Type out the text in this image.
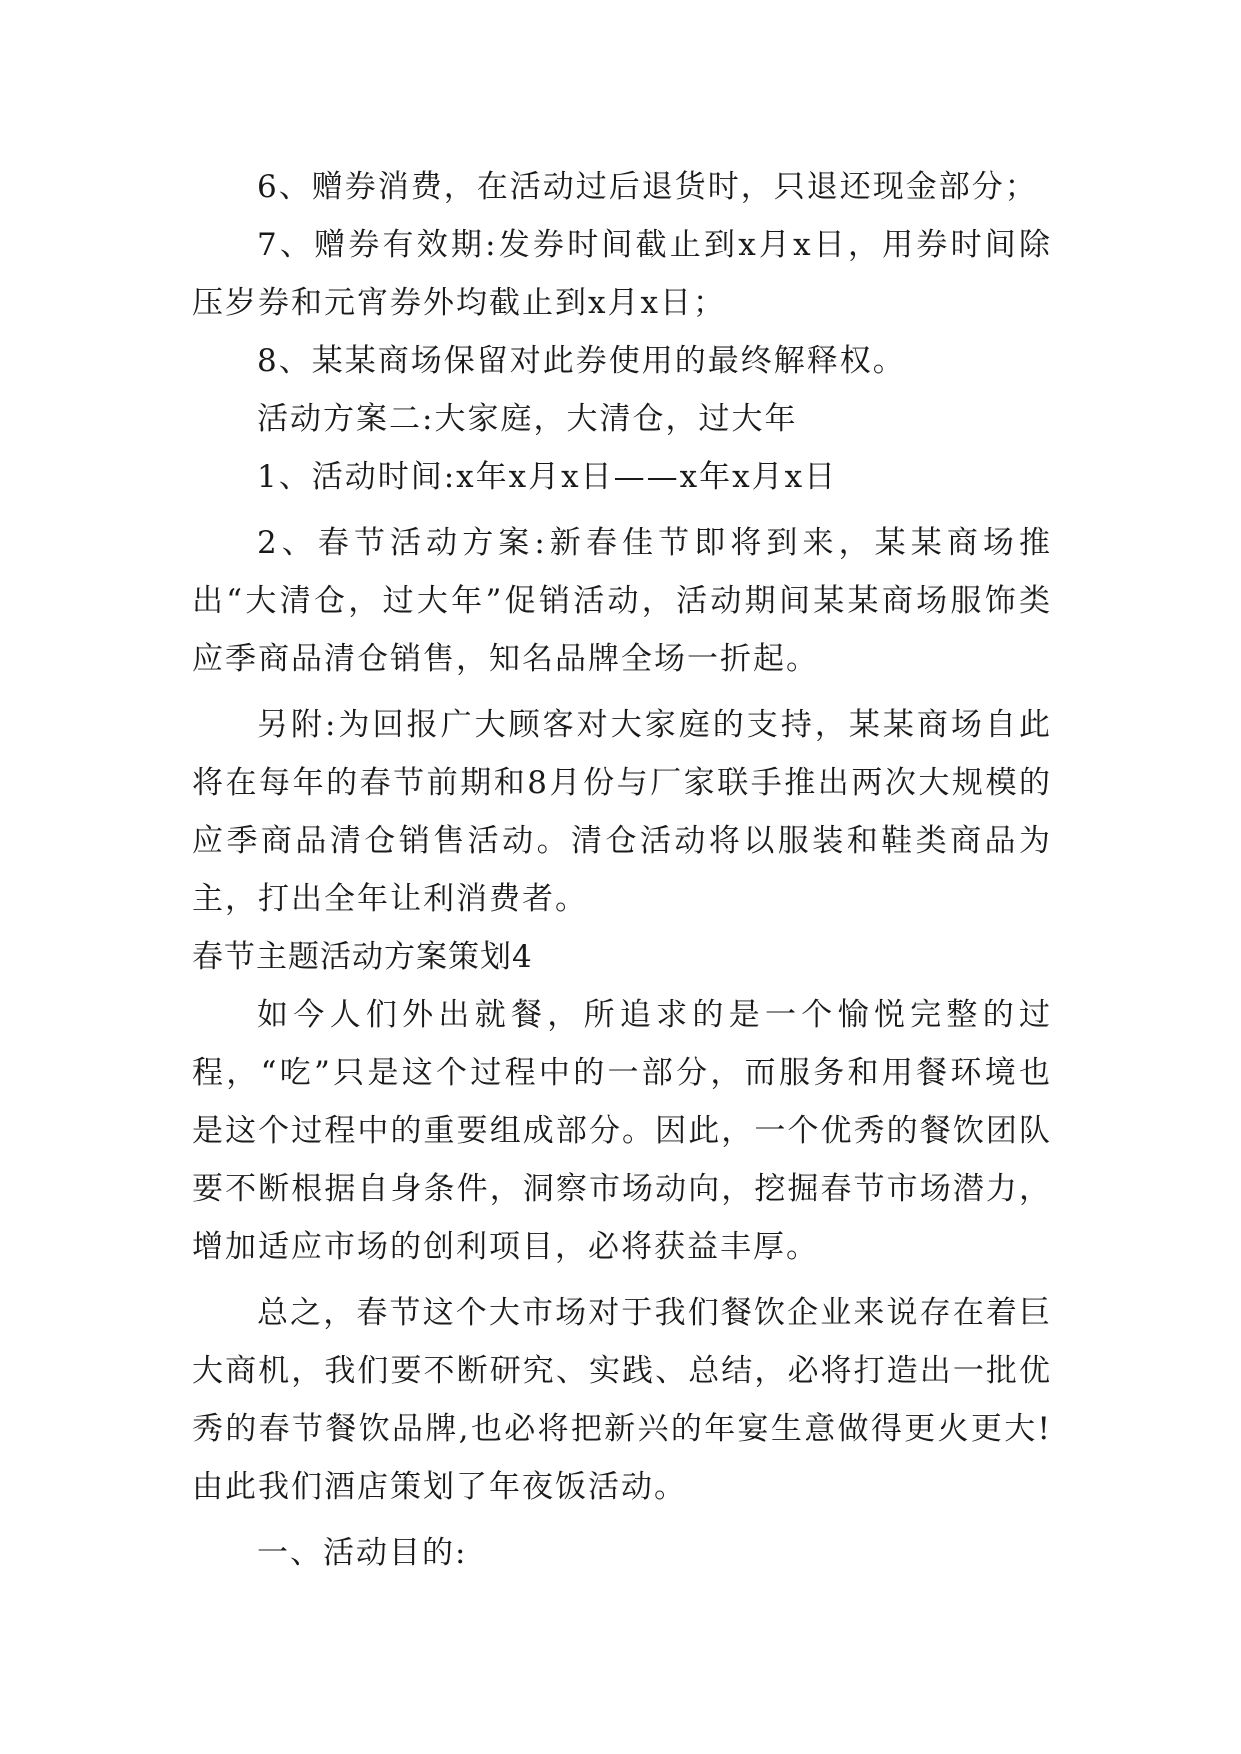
6、赠券消费，在活动过后退货时，只退还现金部分；

7、赠券有效期:发券时间截止到x月x日，用券时间除压岁券和元宵券外均截止到x月x日；

8、某某商场保留对此券使用的最终解释权。

活动方案二:大家庭，大清仓，过大年

1、活动时间:x年x月x日——x年x月x日

2、春节活动方案:新春佳节即将到来，某某商场推出“大清仓，过大年”促销活动，活动期间某某商场服饰类应季商品清仓销售，知名品牌全场一折起。

另附:为回报广大顾客对大家庭的支持，某某商场自此将在每年的春节前期和8月份与厂家联手推出两次大规模的应季商品清仓销售活动。清仓活动将以服装和鞋类商品为主，打出全年让利消费者。

春节主题活动方案策划4

如今人们外出就餐，所追求的是一个愉悦完整的过程，“吃”只是这个过程中的一部分，而服务和用餐环境也是这个过程中的重要组成部分。因此，一个优秀的餐饮团队要不断根据自身条件，洞察市场动向，挖掘春节市场潜力，增加适应市场的创利项目，必将获益丰厚。

总之，春节这个大市场对于我们餐饮企业来说存在着巨大商机，我们要不断研究、实践、总结，必将打造出一批优秀的春节餐饮品牌,也必将把新兴的年宴生意做得更火更大!由此我们酒店策划了年夜饭活动。

一、活动目的:
